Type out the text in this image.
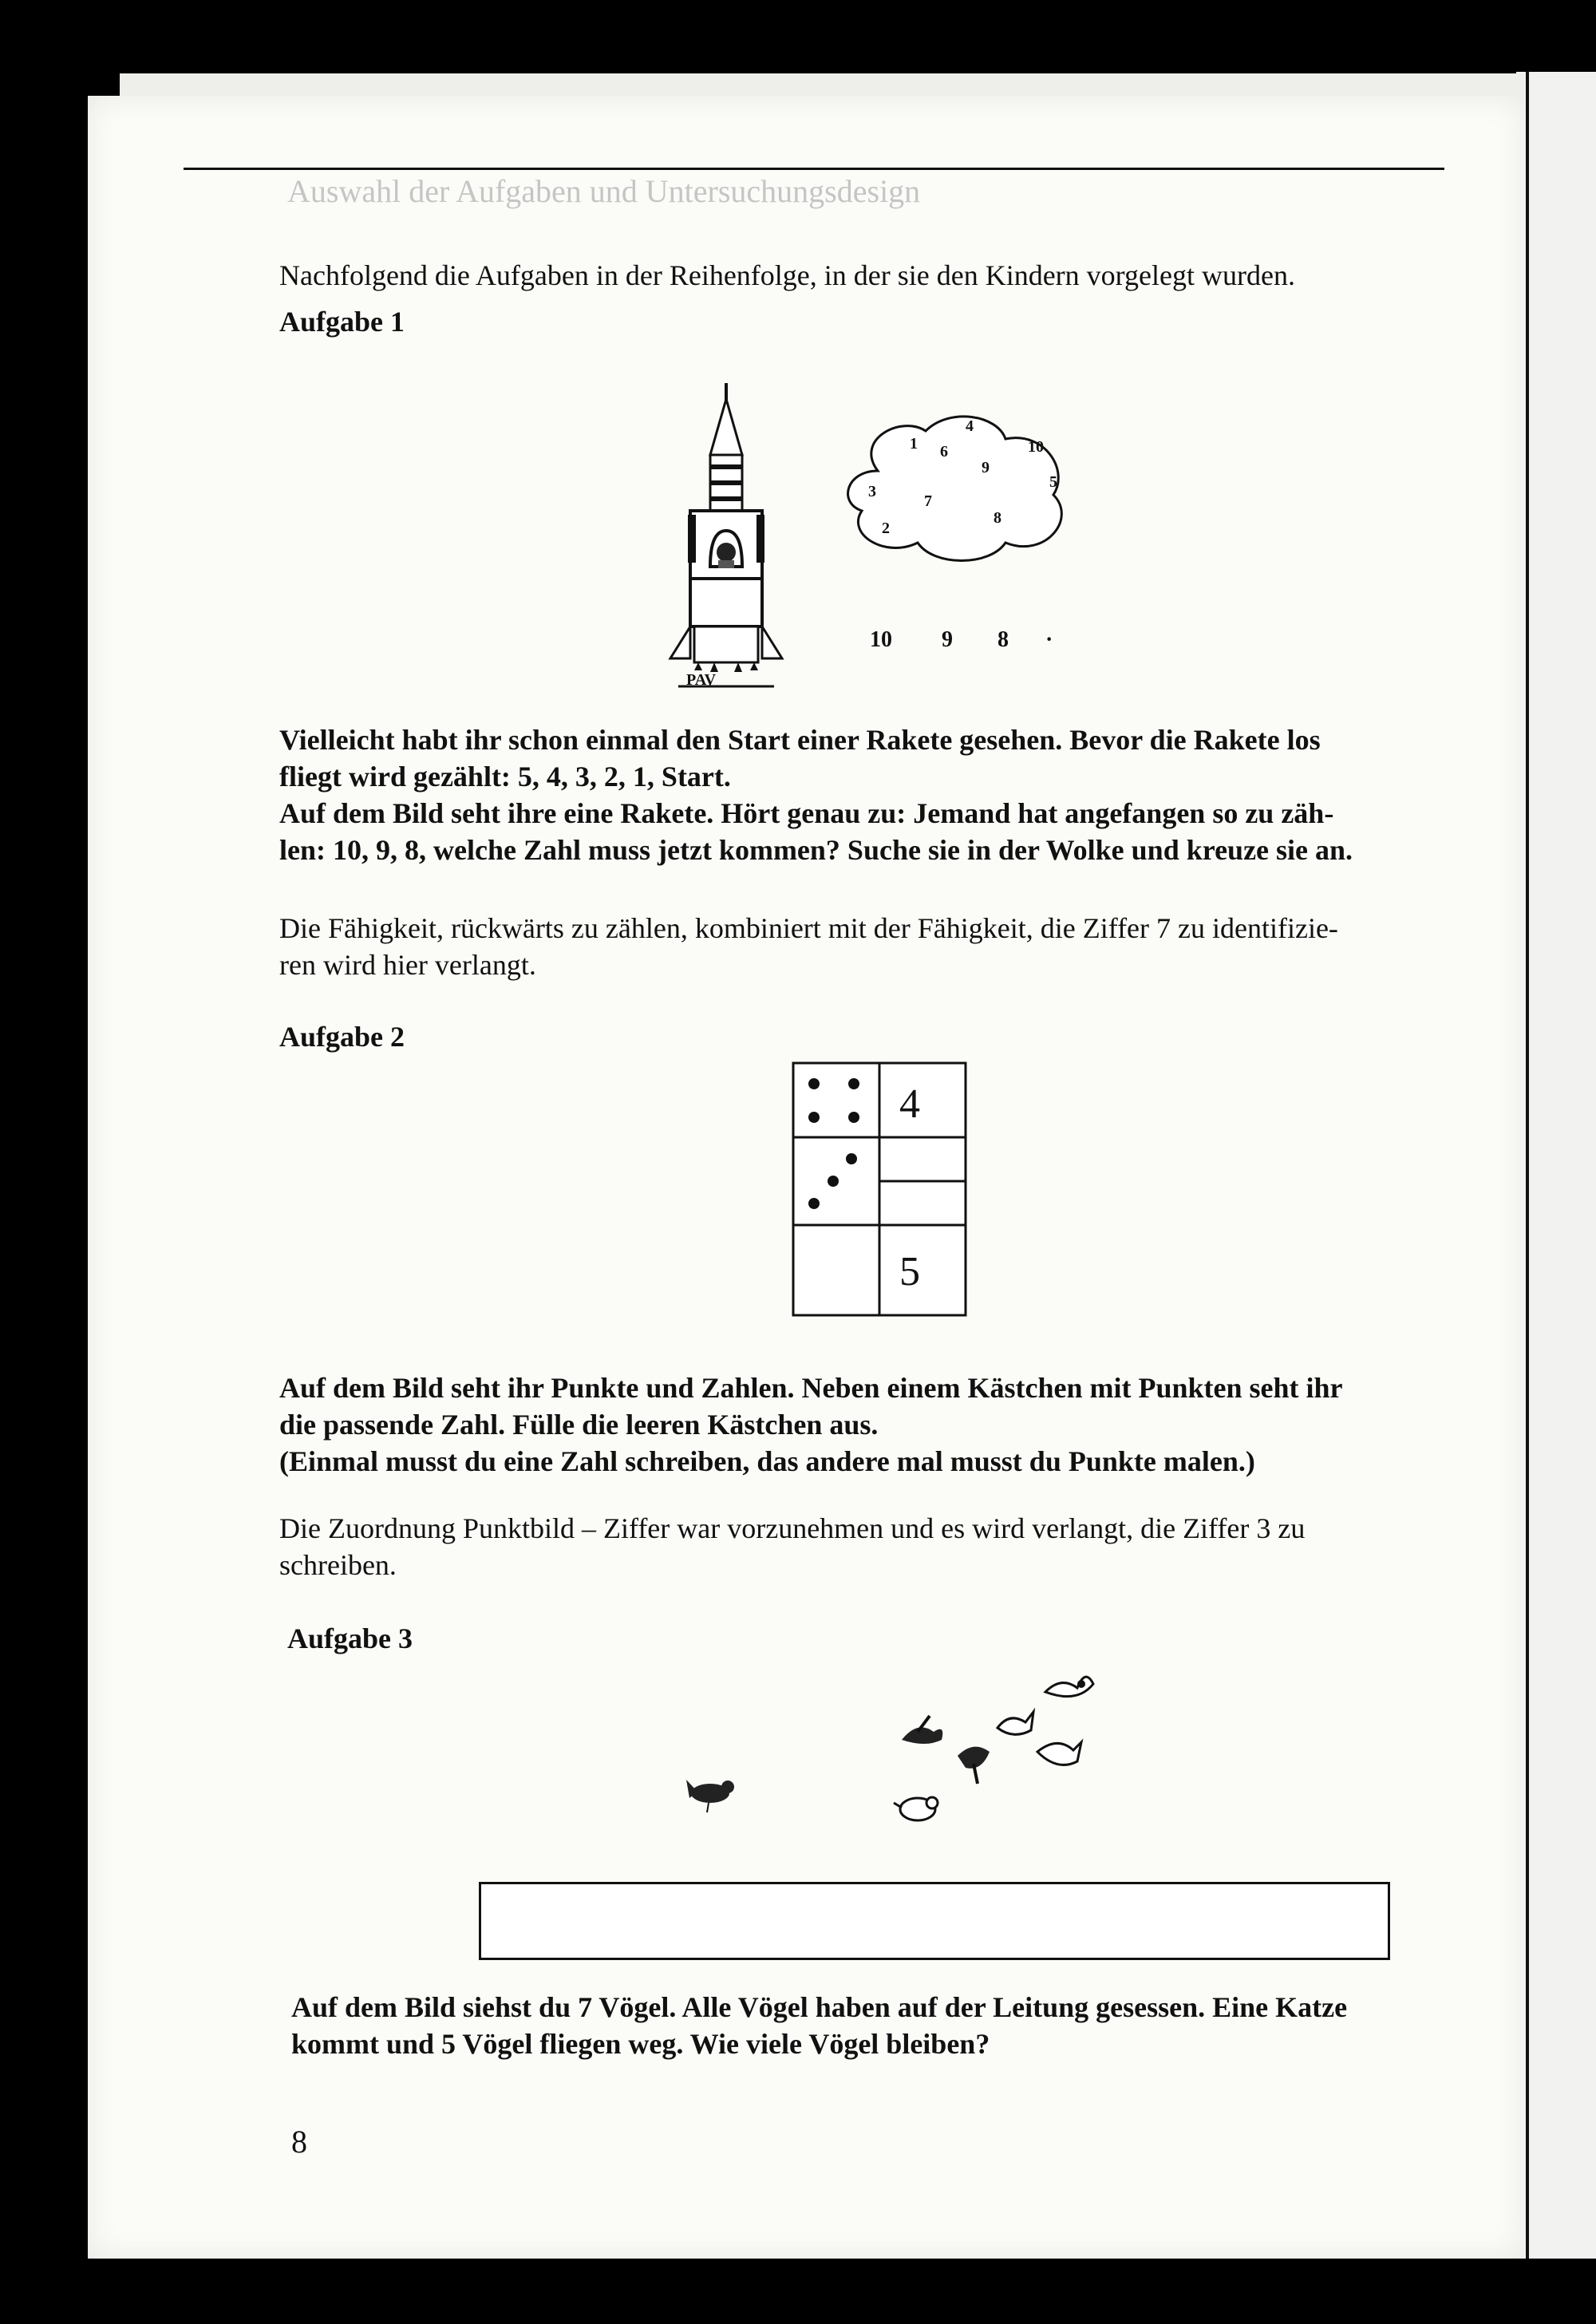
Auswahl der Aufgaben und Untersuchungsdesign

Nachfolgend die Aufgaben in der Reihenfolge, in der sie den Kindern vorgelegt wurden.

Aufgabe 1

PAV
1
4
6	10
9
3
7
5
2
8
10 9 8 ·

Vielleicht habt ihr schon einmal den Start einer Rakete gesehen. Bevor die Rakete los

fliegt wird gezählt: 5, 4, 3, 2, 1, Start.

Auf dem Bild seht ihre eine Rakete. Hört genau zu: Jemand hat angefangen so zu zäh-

len: 10, 9, 8, welche Zahl muss jetzt kommen? Suche sie in der Wolke und kreuze sie an.

Die Fähigkeit, rückwärts zu zählen, kombiniert mit der Fähigkeit, die Ziffer 7 zu identifizie-

ren wird hier verlangt.

Aufgabe 2

4
5

Auf dem Bild seht ihr Punkte und Zahlen. Neben einem Kästchen mit Punkten seht ihr

die passende Zahl. Fülle die leeren Kästchen aus.

(Einmal musst du eine Zahl schreiben, das andere mal musst du Punkte malen.)

Die Zuordnung Punktbild – Ziffer war vorzunehmen und es wird verlangt, die Ziffer 3 zu

schreiben.

Aufgabe 3

Auf dem Bild siehst du 7 Vögel. Alle Vögel haben auf der Leitung gesessen. Eine Katze

kommt und 5 Vögel fliegen weg. Wie viele Vögel bleiben?

8
